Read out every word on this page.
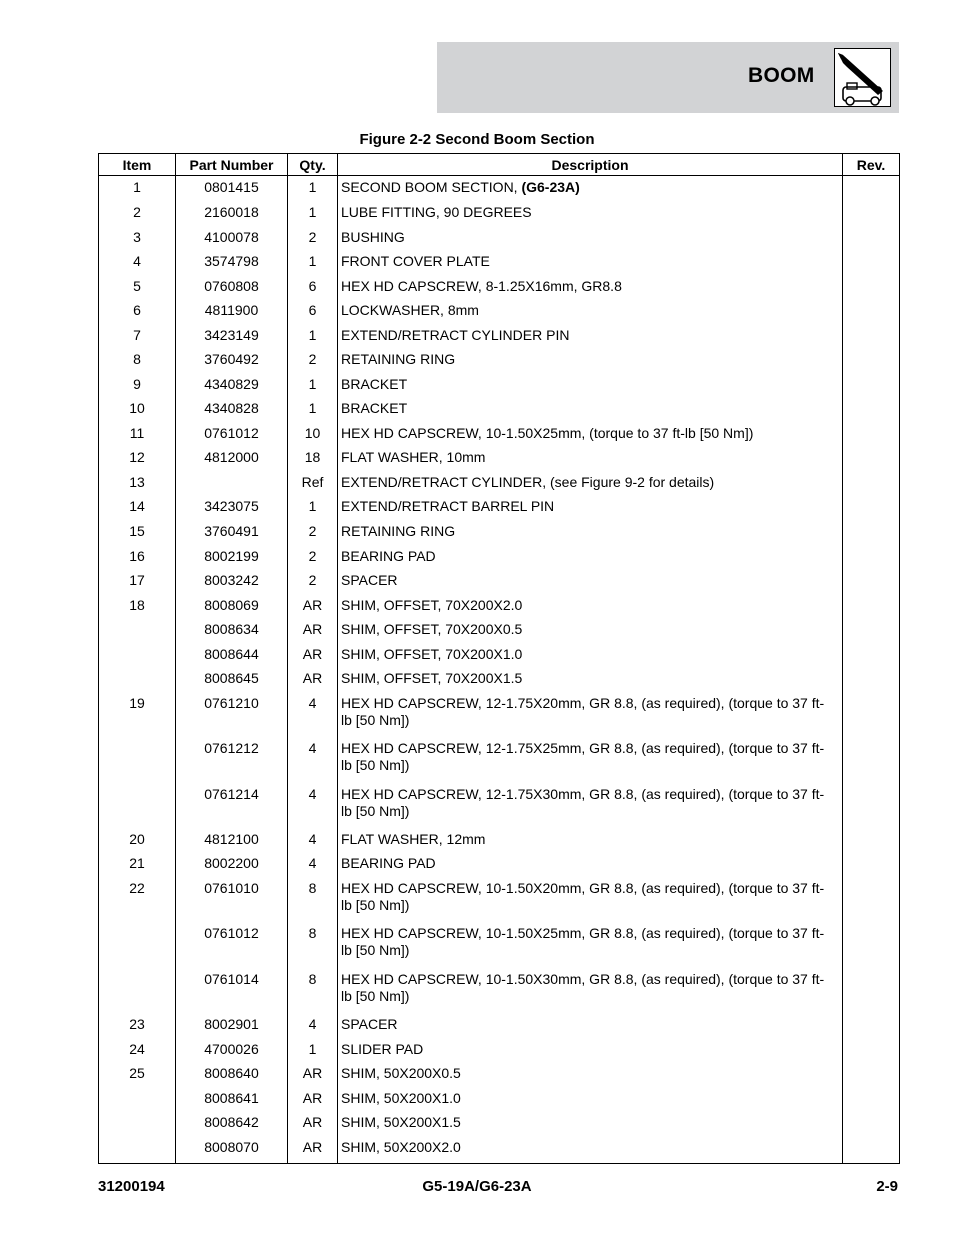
BOOM
Figure 2-2 Second Boom Section
Item	Part Number	Qty.	Description	Rev.
1	0801415	1	SECOND BOOM SECTION, (G6-23A)	
2	2160018	1	LUBE FITTING, 90 DEGREES	
3	4100078	2	BUSHING	
4	3574798	1	FRONT COVER PLATE	
5	0760808	6	HEX HD CAPSCREW, 8-1.25X16mm, GR8.8	
6	4811900	6	LOCKWASHER, 8mm	
7	3423149	1	EXTEND/RETRACT CYLINDER PIN	
8	3760492	2	RETAINING RING	
9	4340829	1	BRACKET	
10	4340828	1	BRACKET	
11	0761012	10	HEX HD CAPSCREW, 10-1.50X25mm, (torque to 37 ft-lb [50 Nm])	
12	4812000	18	FLAT WASHER, 10mm	
13		Ref	EXTEND/RETRACT CYLINDER, (see Figure 9-2 for details)	
14	3423075	1	EXTEND/RETRACT BARREL PIN	
15	3760491	2	RETAINING RING	
16	8002199	2	BEARING PAD	
17	8003242	2	SPACER	
18	8008069	AR	SHIM, OFFSET, 70X200X2.0	
	8008634	AR	SHIM, OFFSET, 70X200X0.5	
	8008644	AR	SHIM, OFFSET, 70X200X1.0	
	8008645	AR	SHIM, OFFSET, 70X200X1.5	
19	0761210	4	HEX HD CAPSCREW, 12-1.75X20mm, GR 8.8, (as required), (torque to 37 ft-lb [50 Nm])	
	0761212	4	HEX HD CAPSCREW, 12-1.75X25mm, GR 8.8, (as required), (torque to 37 ft-lb [50 Nm])	
	0761214	4	HEX HD CAPSCREW, 12-1.75X30mm, GR 8.8, (as required), (torque to 37 ft-lb [50 Nm])	
20	4812100	4	FLAT WASHER, 12mm	
21	8002200	4	BEARING PAD	
22	0761010	8	HEX HD CAPSCREW, 10-1.50X20mm, GR 8.8, (as required), (torque to 37 ft-lb [50 Nm])	
	0761012	8	HEX HD CAPSCREW, 10-1.50X25mm, GR 8.8, (as required), (torque to 37 ft-lb [50 Nm])	
	0761014	8	HEX HD CAPSCREW, 10-1.50X30mm, GR 8.8, (as required), (torque to 37 ft-lb [50 Nm])	
23	8002901	4	SPACER	
24	4700026	1	SLIDER PAD	
25	8008640	AR	SHIM, 50X200X0.5	
	8008641	AR	SHIM, 50X200X1.0	
	8008642	AR	SHIM, 50X200X1.5	
	8008070	AR	SHIM, 50X200X2.0	

31200194	G5-19A/G6-23A	2-9
